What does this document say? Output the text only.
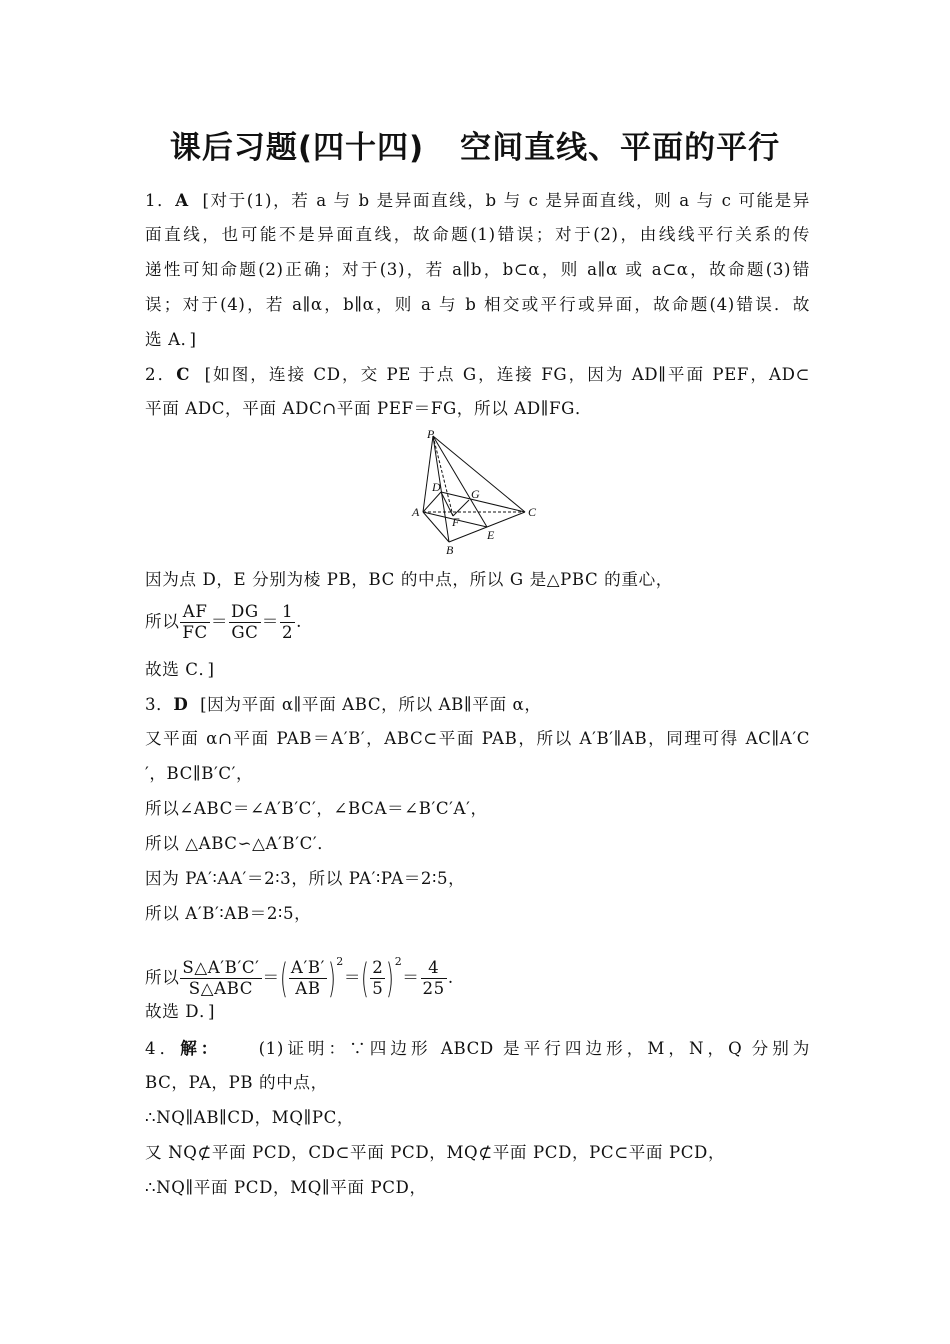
课后习题(四十四) 空间直线、平面的平行
1．A [对于(1)，若 a 与 b 是异面直线，b 与 c 是异面直线，则 a 与 c 可能是异
面直线，也可能不是异面直线，故命题(1)错误；对于(2)，由线线平行关系的传
递性可知命题(2)正确；对于(3)，若 a∥b，b⊂α，则 a∥α 或 a⊂α，故命题(3)错
误；对于(4)，若 a∥α，b∥α，则 a 与 b 相交或平行或异面，故命题(4)错误．故
选 A．]
2．C [如图，连接 CD，交 PE 于点 G，连接 FG，因为 AD∥平面 PEF，AD⊂
平面 ADC，平面 ADC∩平面 PEF＝FG，所以 AD∥FG．
P
D	G
A
F
C
E
B
因为点 D，E 分别为棱 PB，BC 的中点，所以 G 是△PBC 的重心，
所以 $\frac{AF}{FC} = \frac{DG}{GC} = \frac{1}{2}$ .
故选 C．]
3．D [因为平面 α∥平面 ABC，所以 AB∥平面 α，
又平面 α∩平面 PAB＝A′B′，ABC⊂平面 PAB，所以 A′B′∥AB，同理可得 AC∥A′C
′，BC∥B′C′，
所以∠ABC＝∠A′B′C′，∠BCA＝∠B′C′A′，
所以 △ABC∽△A′B′C′．
因为 PA′∶AA′＝2∶3，所以 PA′∶PA＝2∶5，
所以 A′B′∶AB＝2∶5，
所以 $\frac{S\triangle A'B'C'}{\text{S△ABC}}$ ＝( $\frac{A'B'}{AB} )^2=( \frac{2}{5} )^2= \frac{4}{25}$ .
故选 D．]
4．解： (1)证明：∵四边形 ABCD 是平行四边形，M，N，Q 分别为
BC，PA，PB 的中点，
∴NQ∥AB∥CD，MQ∥PC，
又 NQ⊄平面 PCD，CD⊂平面 PCD，MQ⊄平面 PCD，PC⊂平面 PCD，
∴NQ∥平面 PCD，MQ∥平面 PCD，
